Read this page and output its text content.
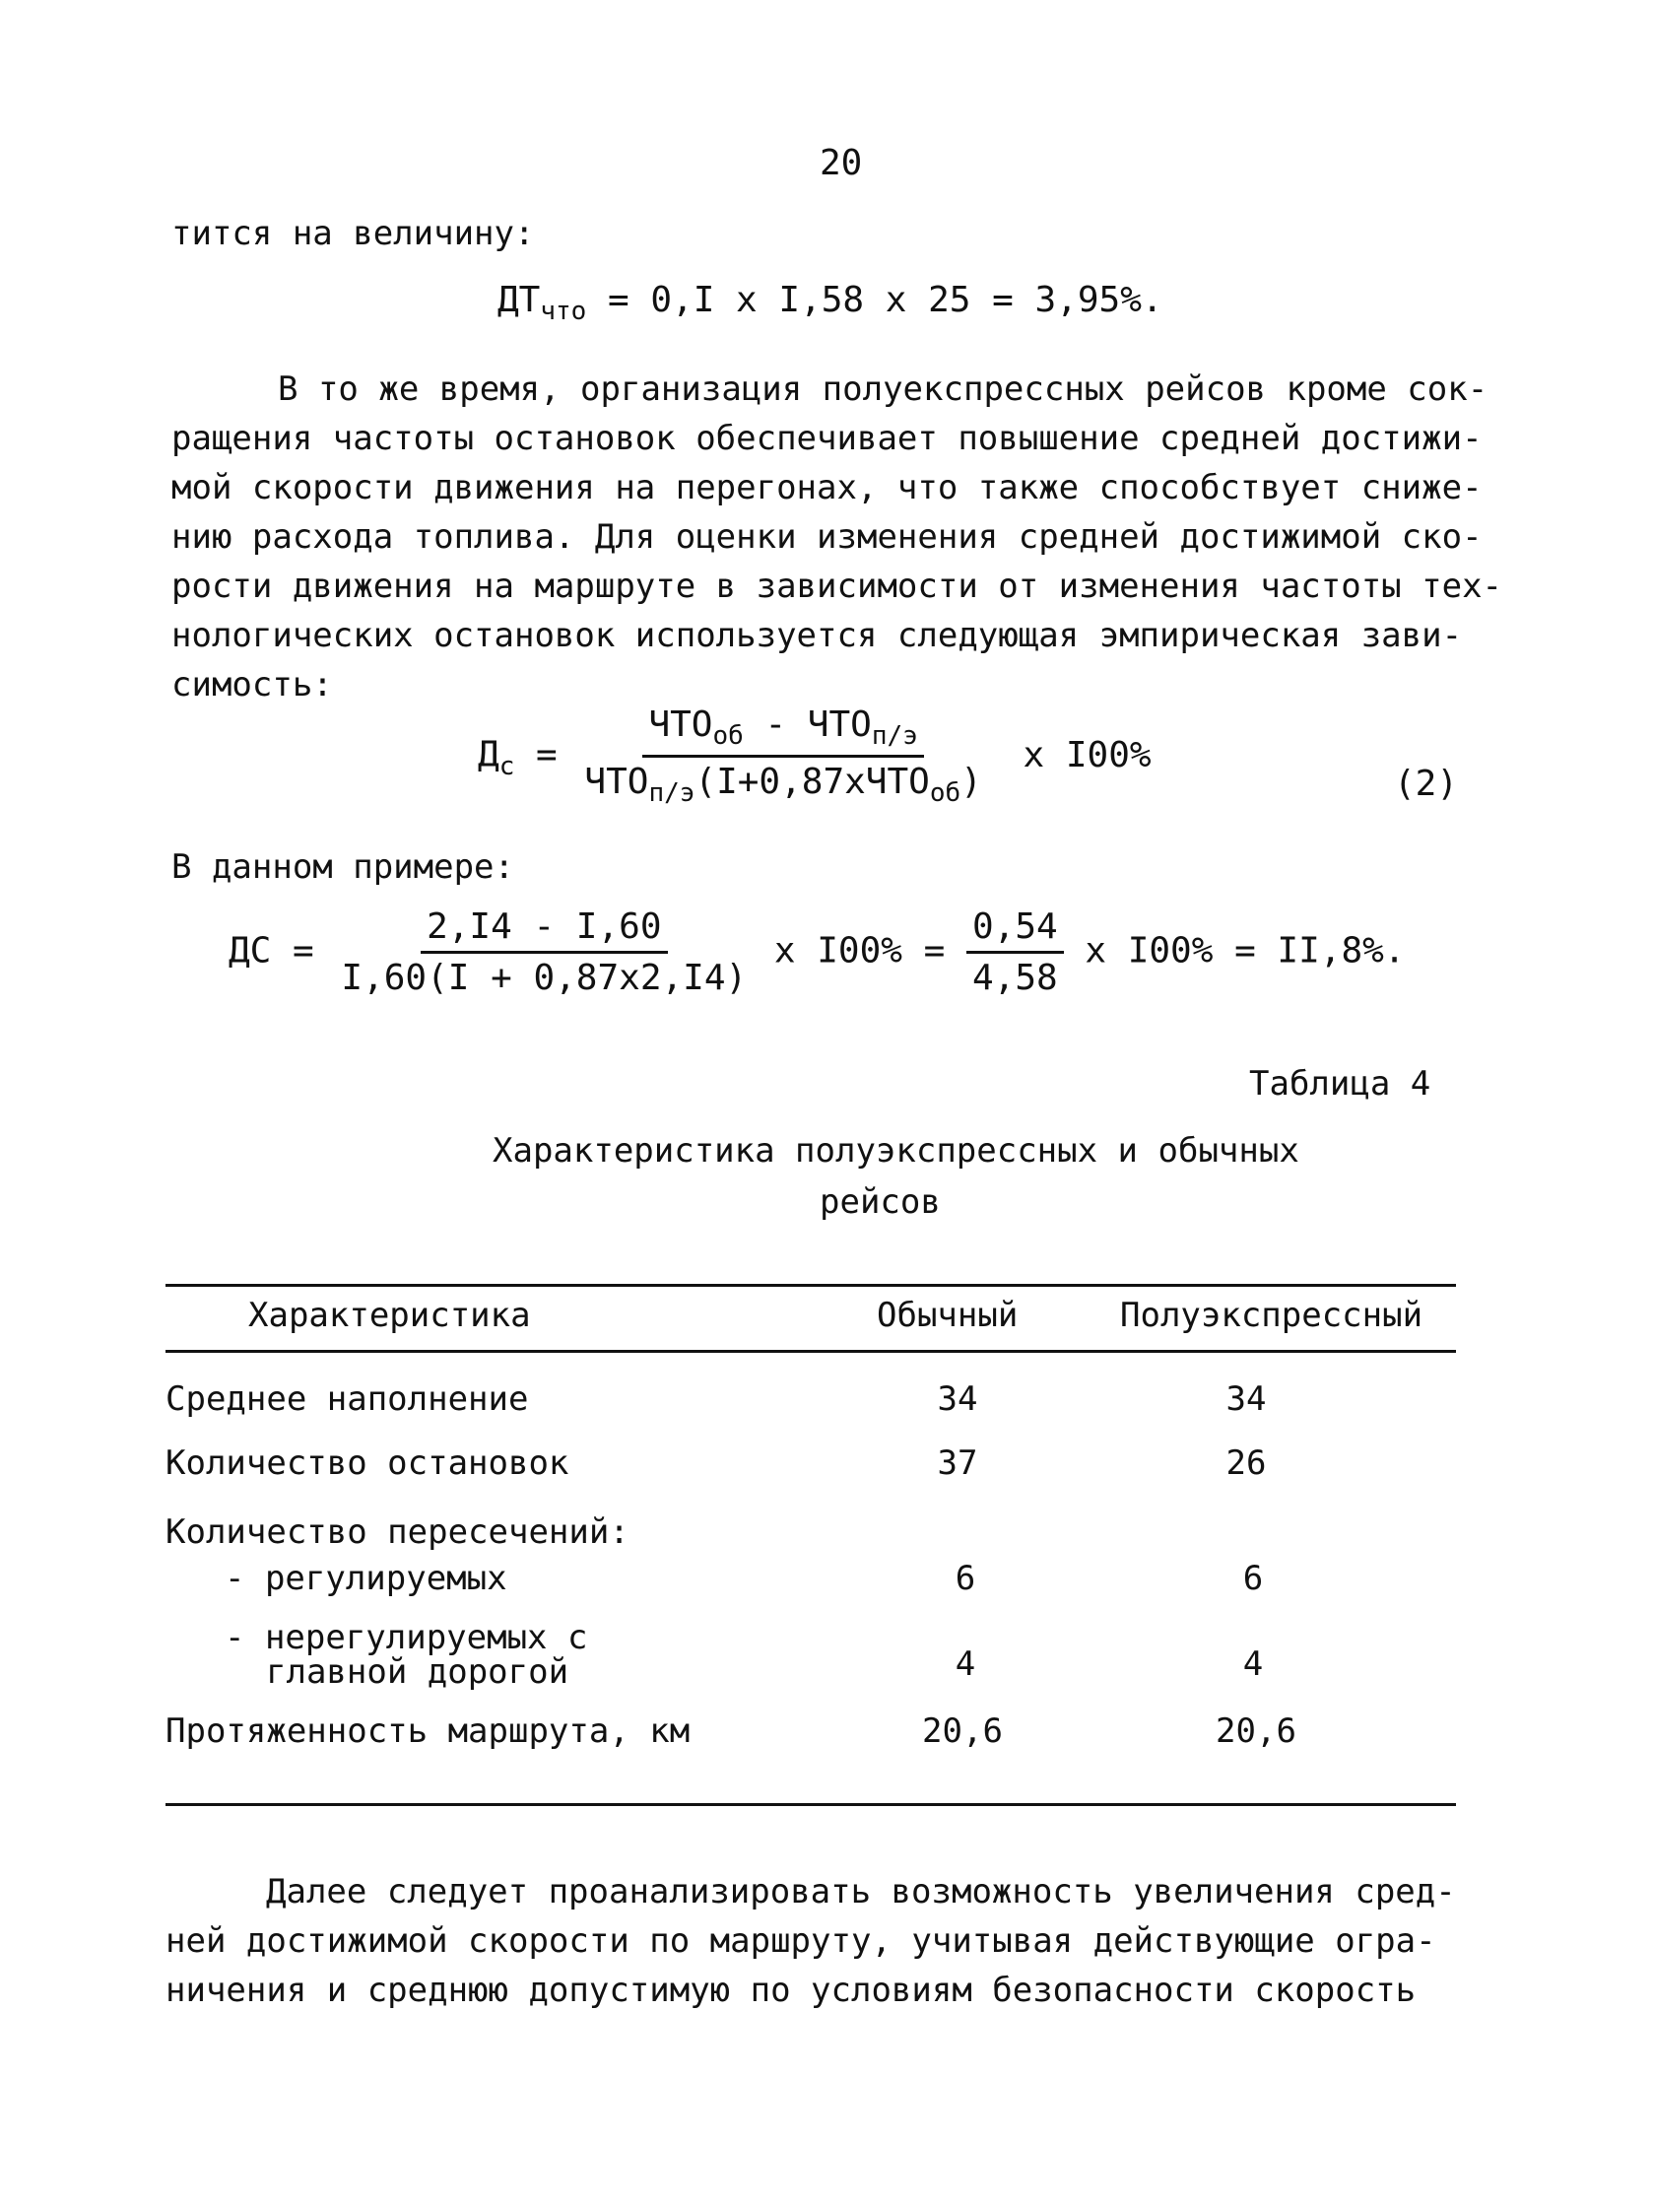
20
тится на величину:
$ДТ_{что} = 0,I$ x I,58 x 25 = 3,95%.
В то же время, организация полуекспрессных рейсов кроме сок-
ращения частоты остановок обеспечивает повышение средней достижи-
мой скорости движения на перегонах, что также способствует сниже-
нию расхода топлива. Для оценки изменения средней достижимой ско-
рости движения на маршруте в зависимости от изменения частоты тех-
нологических остановок используется следующая эмпирическая зави-
симость:
$Д_с = \frac{ЧТО_{об} - ЧТО_{п/э}}{ЧТО_{п/э}(I+0,87xЧТО_{об})}$ x I00%
(2)
В данном примере:
ДС = $\frac{2,I4 - I,60}{I,60(I + 0,87x2,I4)}$ x $I00\% = \frac{0,54}{4,58}$ x I00% = II,8%.
Таблица 4
Характеристика полуэкспрессных и обычных
рейсов
Характеристика	Обычный	Полуэкспрессный
Среднее наполнение	34	34
Количество остановок	37	26
Количество пересечений:
- регулируемых	6	6
- нерегулируемых с
главной дорогой	4	4
Протяженность маршрута, км	20,6	20,6
Далее следует проанализировать возможность увеличения сред-
ней достижимой скорости по маршруту, учитывая действующие огра-
ничения и среднюю допустимую по условиям безопасности скорость
